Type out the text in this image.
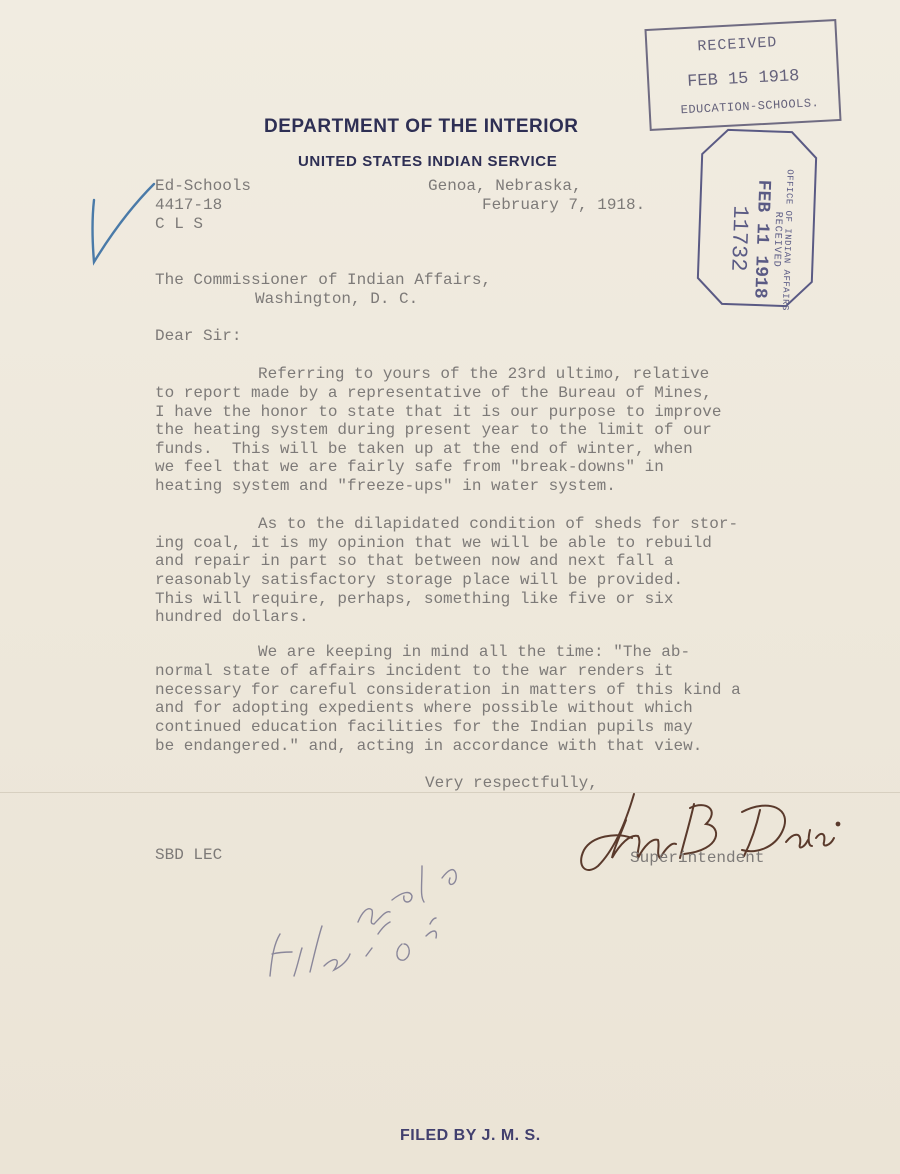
DEPARTMENT OF THE INTERIOR
UNITED STATES INDIAN SERVICE
Ed-Schools
4417-18
C L S
Genoa, Nebraska,
February 7, 1918.
The Commissioner of Indian Affairs,
Washington, D. C.
Dear Sir:
Referring to yours of the 23rd ultimo, relative
to report made by a representative of the Bureau of Mines,
I have the honor to state that it is our purpose to improve
the heating system during present year to the limit of our
funds.  This will be taken up at the end of winter, when
we feel that we are fairly safe from "break-downs" in
heating system and "freeze-ups" in water system.
As to the dilapidated condition of sheds for stor-
ing coal, it is my opinion that we will be able to rebuild
and repair in part so that between now and next fall a
reasonably satisfactory storage place will be provided.
This will require, perhaps, something like five or six
hundred dollars.
We are keeping in mind all the time: "The ab-
normal state of affairs incident to the war renders it
necessary for careful consideration in matters of this kind a
and for adopting expedients where possible without which
continued education facilities for the Indian pupils may
be endangered." and, acting in accordance with that view.
Very respectfully,
Superintendent
SBD LEC
RECEIVED
FEB 15 1918
EDUCATION-SCHOOLS.
OFFICE OF INDIAN AFFAIRS
RECEIVED
FEB 11 1918
11732
FILED BY J. M. S.
